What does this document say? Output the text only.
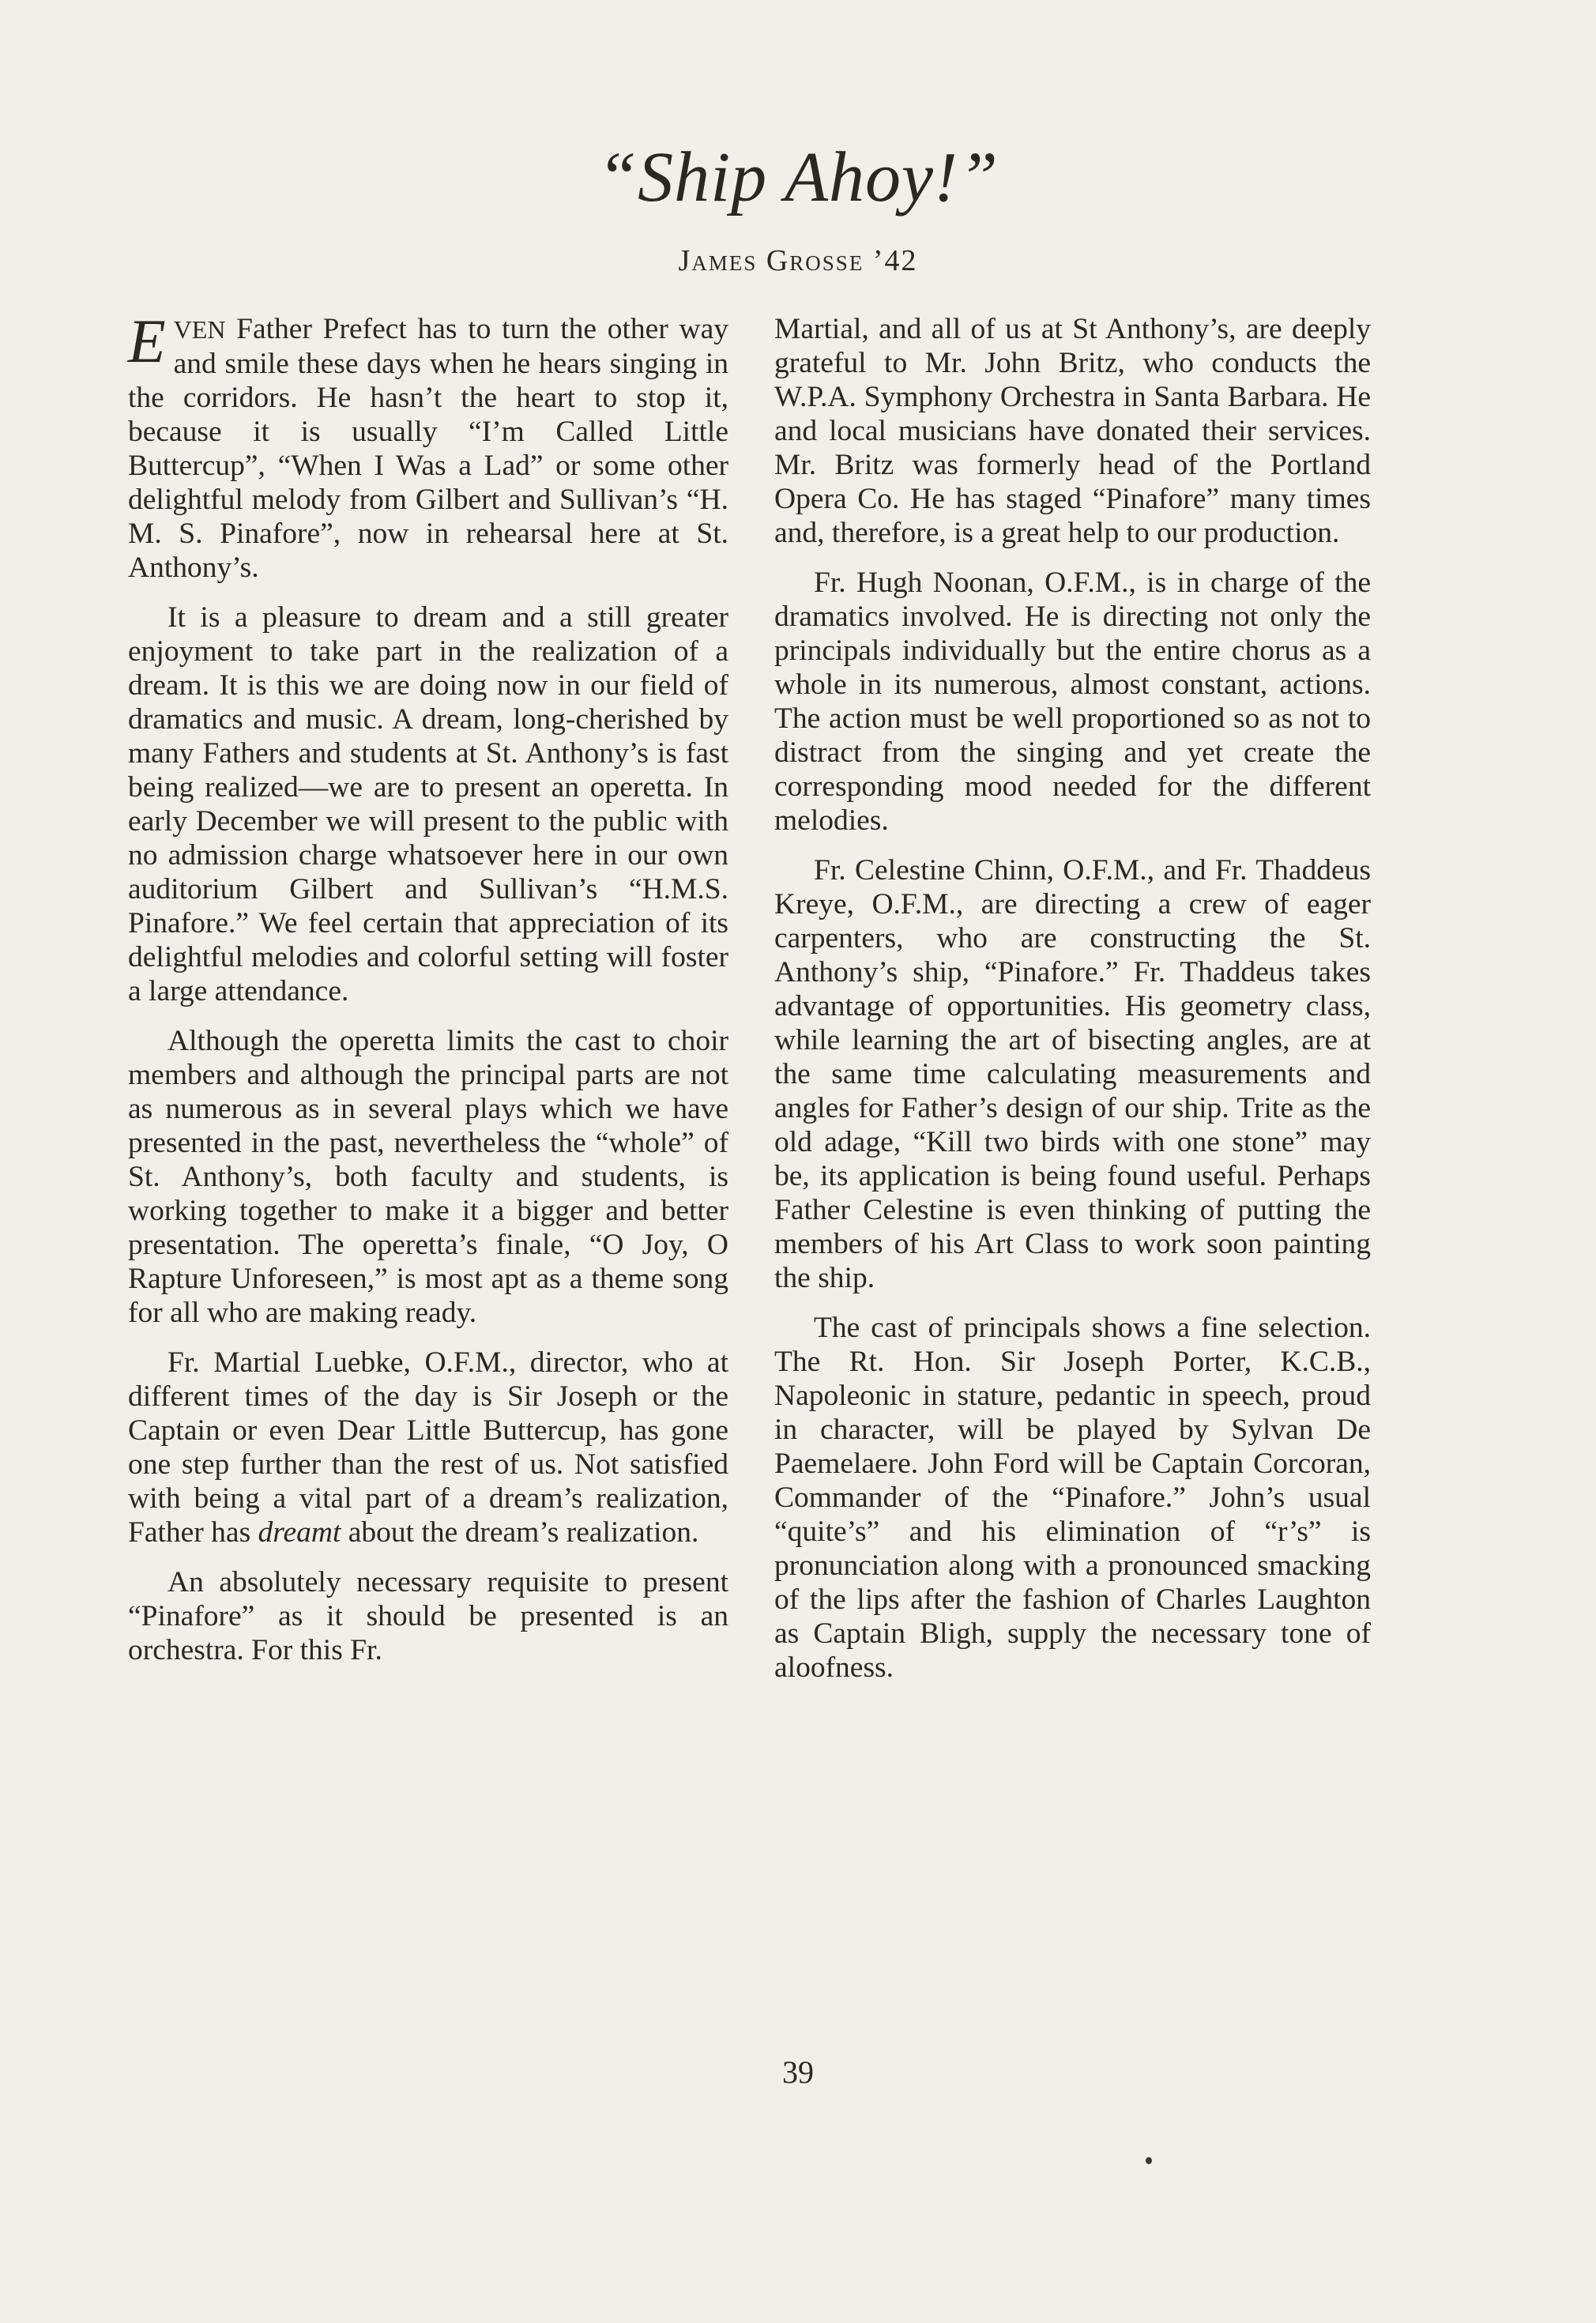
“Ship Ahoy!”
James Grosse ’42

EVEN Father Prefect has to turn the other way and smile these days when he hears singing in the corridors. He hasn’t the heart to stop it, because it is usually “I’m Called Little Buttercup”, “When I Was a Lad” or some other delightful melody from Gilbert and Sullivan’s “H. M. S. Pinafore”, now in rehearsal here at St. Anthony’s.

It is a pleasure to dream and a still greater enjoyment to take part in the realization of a dream. It is this we are doing now in our field of dramatics and music. A dream, long-cherished by many Fathers and students at St. Anthony’s is fast being realized—we are to present an operetta. In early December we will present to the public with no admission charge whatsoever here in our own auditorium Gilbert and Sullivan’s “H.M.S. Pinafore.” We feel certain that appreciation of its delightful melodies and colorful setting will foster a large attendance.

Although the operetta limits the cast to choir members and although the principal parts are not as numerous as in several plays which we have presented in the past, nevertheless the “whole” of St. Anthony’s, both faculty and students, is working together to make it a bigger and better presentation. The operetta’s finale, “O Joy, O Rapture Unforeseen,” is most apt as a theme song for all who are making ready.

Fr. Martial Luebke, O.F.M., director, who at different times of the day is Sir Joseph or the Captain or even Dear Little Buttercup, has gone one step further than the rest of us. Not satisfied with being a vital part of a dream’s realization, Father has dreamt about the dream’s realization.

An absolutely necessary requisite to present “Pinafore” as it should be presented is an orchestra. For this Fr.

Martial, and all of us at St Anthony’s, are deeply grateful to Mr. John Britz, who conducts the W.P.A. Symphony Orchestra in Santa Barbara. He and local musicians have donated their services. Mr. Britz was formerly head of the Portland Opera Co. He has staged “Pinafore” many times and, therefore, is a great help to our production.

Fr. Hugh Noonan, O.F.M., is in charge of the dramatics involved. He is directing not only the principals individually but the entire chorus as a whole in its numerous, almost constant, actions. The action must be well proportioned so as not to distract from the singing and yet create the corresponding mood needed for the different melodies.

Fr. Celestine Chinn, O.F.M., and Fr. Thaddeus Kreye, O.F.M., are directing a crew of eager carpenters, who are constructing the St. Anthony’s ship, “Pinafore.” Fr. Thaddeus takes advantage of opportunities. His geometry class, while learning the art of bisecting angles, are at the same time calculating measurements and angles for Father’s design of our ship. Trite as the old adage, “Kill two birds with one stone” may be, its application is being found useful. Perhaps Father Celestine is even thinking of putting the members of his Art Class to work soon painting the ship.

The cast of principals shows a fine selection. The Rt. Hon. Sir Joseph Porter, K.C.B., Napoleonic in stature, pedantic in speech, proud in character, will be played by Sylvan De Paemelaere. John Ford will be Captain Corcoran, Commander of the “Pinafore.” John’s usual “quite’s” and his elimination of “r’s” is pronunciation along with a pronounced smacking of the lips after the fashion of Charles Laughton as Captain Bligh, supply the necessary tone of aloofness.

39
